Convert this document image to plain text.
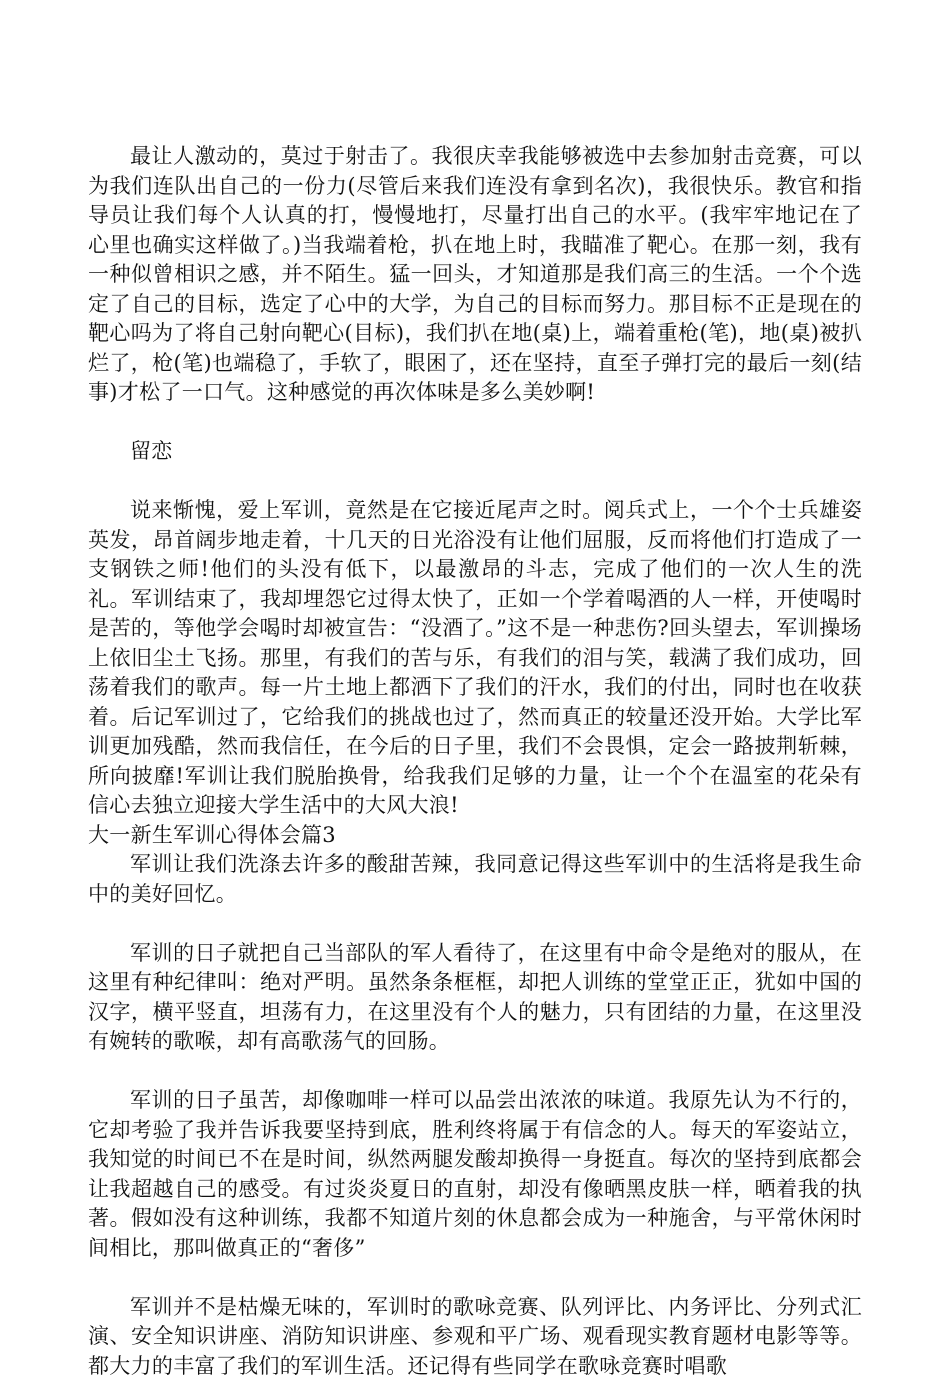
最让人激动的，莫过于射击了。我很庆幸我能够被选中去参加射击竞赛，可以为我们连队出自己的一份力(尽管后来我们连没有拿到名次)，我很快乐。教官和指导员让我们每个人认真的打，慢慢地打，尽量打出自己的水平。(我牢牢地记在了心里也确实这样做了。)当我端着枪，扒在地上时，我瞄准了靶心。在那一刻，我有一种似曾相识之感，并不陌生。猛一回头，才知道那是我们高三的生活。一个个选定了自己的目标，选定了心中的大学，为自己的目标而努力。那目标不正是现在的靶心吗为了将自己射向靶心(目标)，我们扒在地(桌)上，端着重枪(笔)，地(桌)被扒烂了，枪(笔)也端稳了，手软了，眼困了，还在坚持，直至子弹打完的最后一刻(结事)才松了一口气。这种感觉的再次体味是多么美妙啊!

留恋

说来惭愧，爱上军训，竟然是在它接近尾声之时。阅兵式上，一个个士兵雄姿英发，昂首阔步地走着，十几天的日光浴没有让他们屈服，反而将他们打造成了一支钢铁之师!他们的头没有低下，以最激昂的斗志，完成了他们的一次人生的洗礼。军训结束了，我却埋怨它过得太快了，正如一个学着喝酒的人一样，开使喝时是苦的，等他学会喝时却被宣告：“没酒了。”这不是一种悲伤?回头望去，军训操场上依旧尘土飞扬。那里，有我们的苦与乐，有我们的泪与笑，载满了我们成功，回荡着我们的歌声。每一片土地上都洒下了我们的汗水，我们的付出，同时也在收获着。后记军训过了，它给我们的挑战也过了，然而真正的较量还没开始。大学比军训更加残酷，然而我信任，在今后的日子里，我们不会畏惧，定会一路披荆斩棘，所向披靡!军训让我们脱胎换骨，给我我们足够的力量，让一个个在温室的花朵有信心去独立迎接大学生活中的大风大浪!

大一新生军训心得体会篇3

军训让我们洗涤去许多的酸甜苦辣，我同意记得这些军训中的生活将是我生命中的美好回忆。

军训的日子就把自己当部队的军人看待了，在这里有中命令是绝对的服从，在这里有种纪律叫：绝对严明。虽然条条框框，却把人训练的堂堂正正，犹如中国的汉字，横平竖直，坦荡有力，在这里没有个人的魅力，只有团结的力量，在这里没有婉转的歌喉，却有高歌荡气的回肠。

军训的日子虽苦，却像咖啡一样可以品尝出浓浓的味道。我原先认为不行的，它却考验了我并告诉我要坚持到底，胜利终将属于有信念的人。每天的军姿站立，我知觉的时间已不在是时间，纵然两腿发酸却换得一身挺直。每次的坚持到底都会让我超越自己的感受。有过炎炎夏日的直射，却没有像晒黑皮肤一样，晒着我的执著。假如没有这种训练，我都不知道片刻的休息都会成为一种施舍，与平常休闲时间相比，那叫做真正的“奢侈”

军训并不是枯燥无味的，军训时的歌咏竞赛、队列评比、内务评比、分列式汇演、安全知识讲座、消防知识讲座、参观和平广场、观看现实教育题材电影等等。都大力的丰富了我们的军训生活。还记得有些同学在歌咏竞赛时唱歌
